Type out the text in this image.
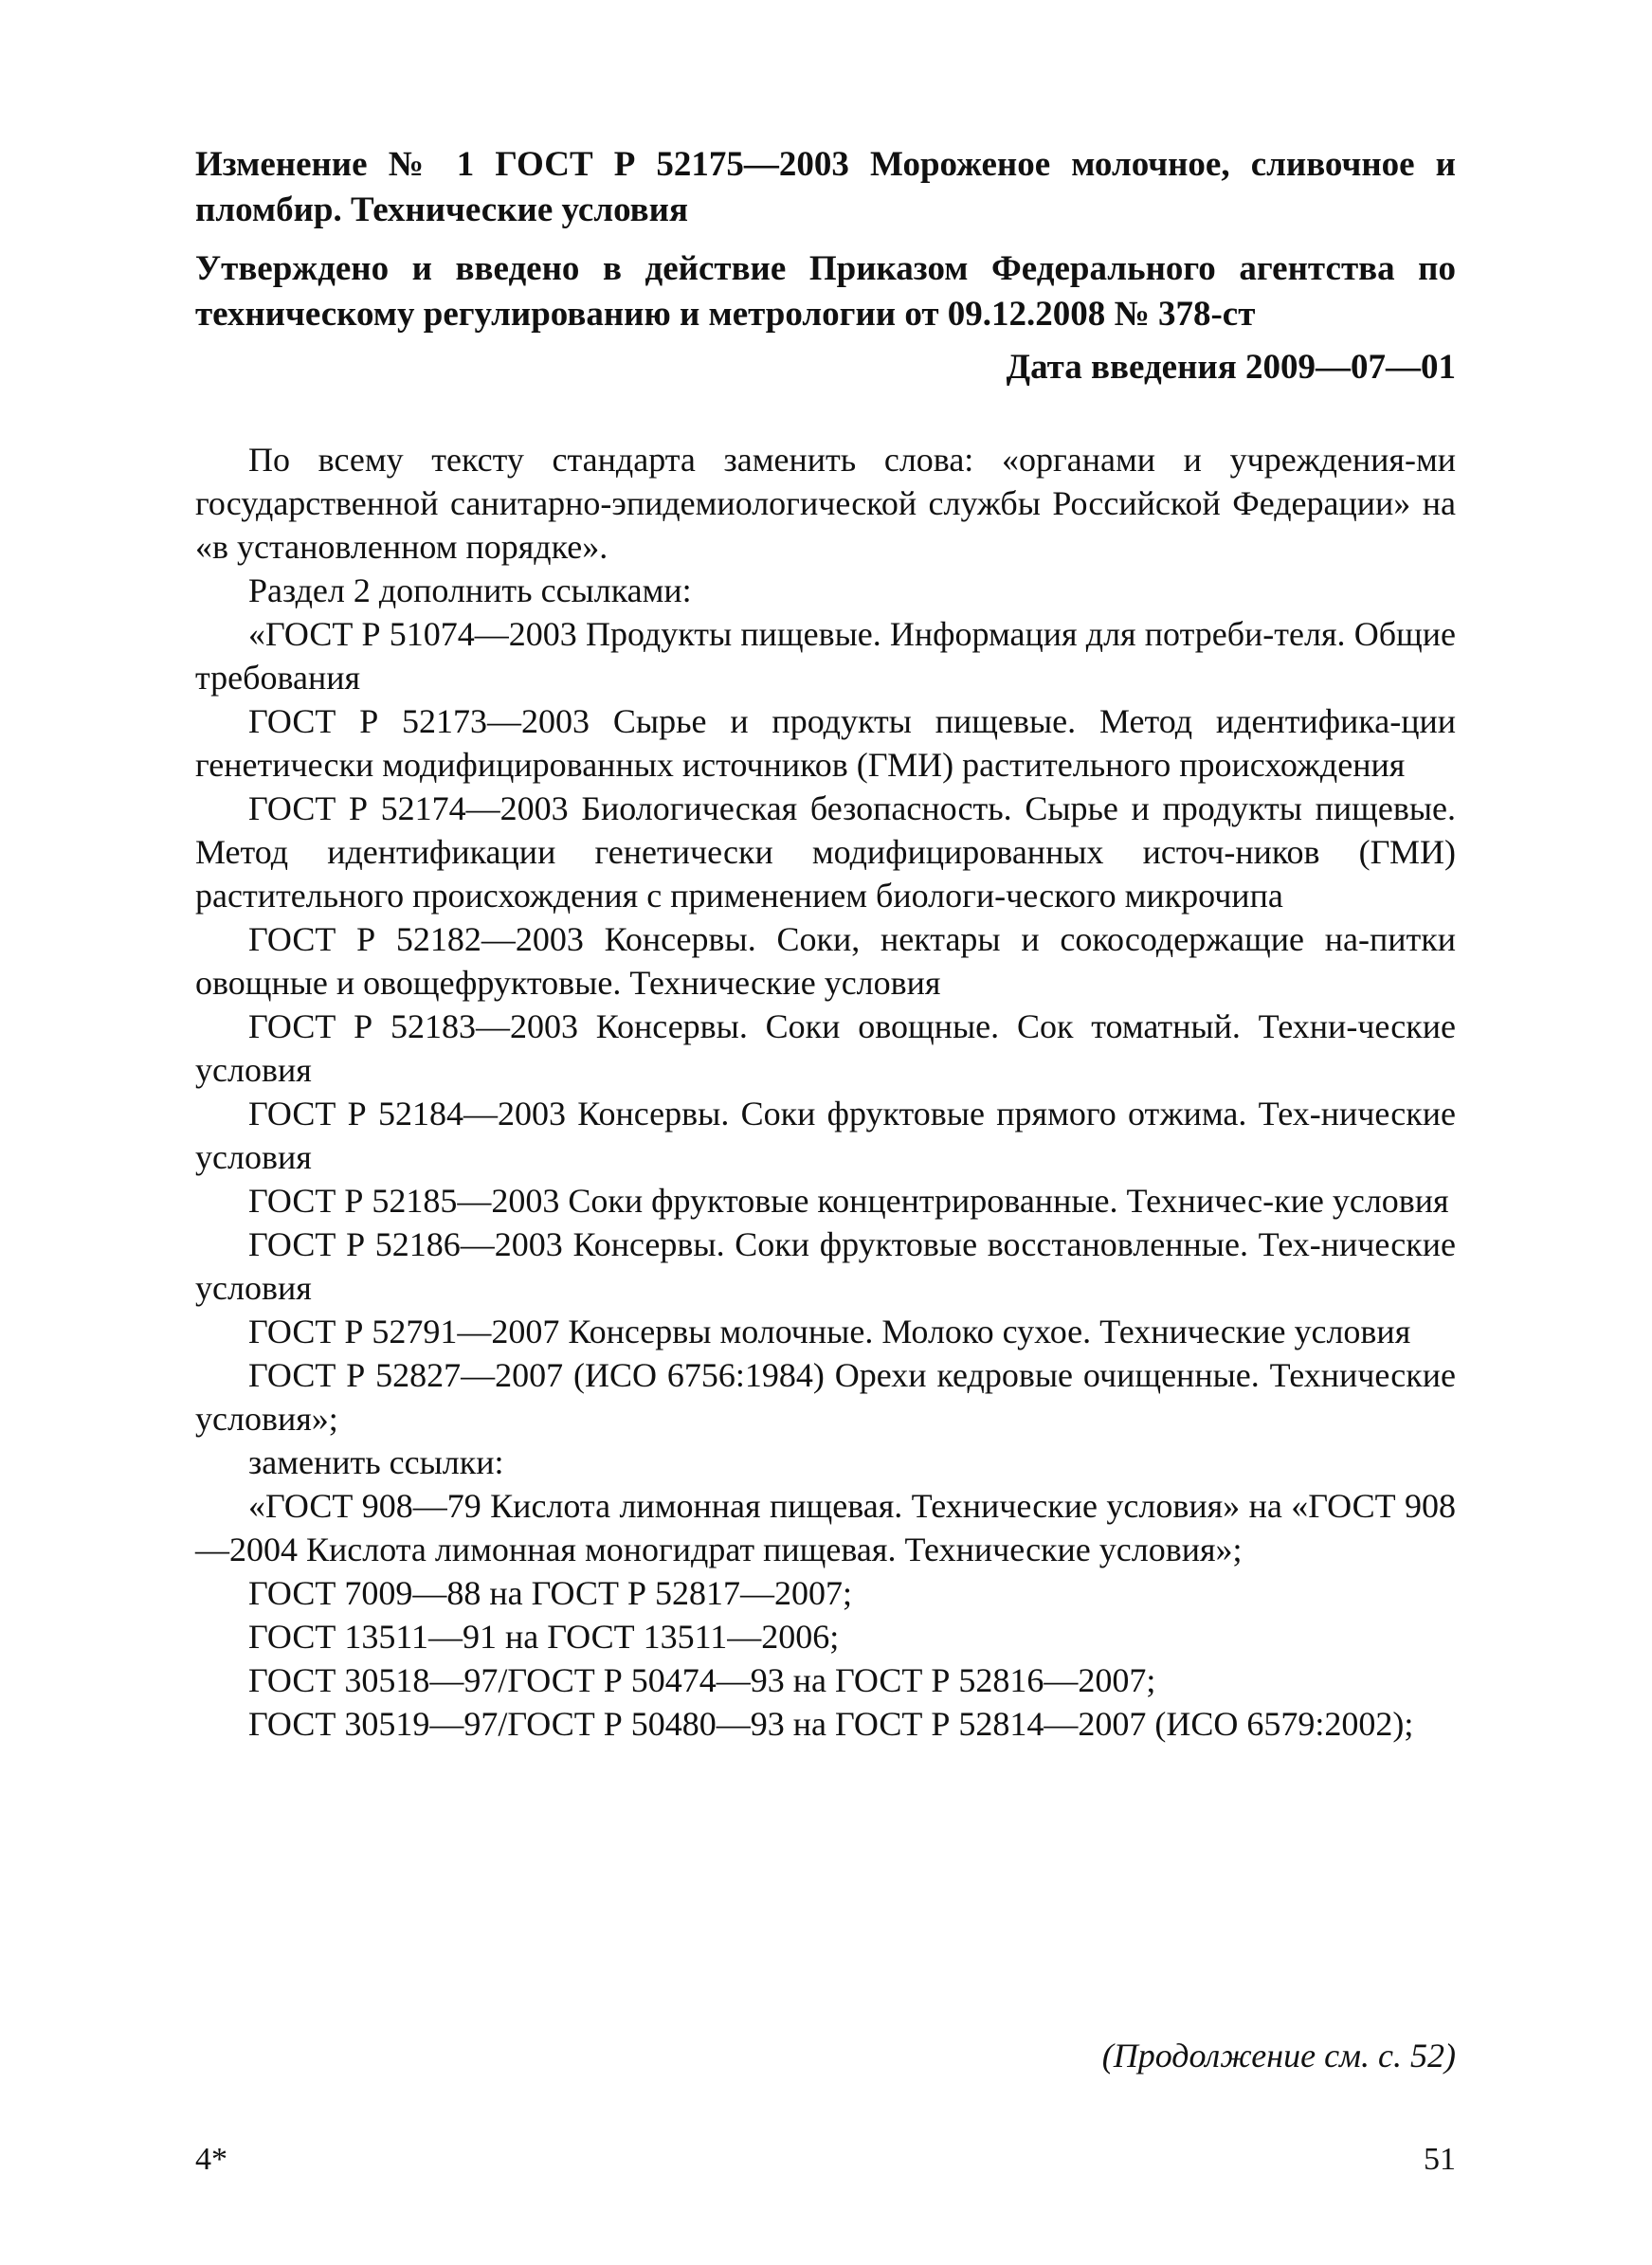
Изменение № 1 ГОСТ Р 52175—2003 Мороженое молочное, сливочное и пломбир. Технические условия

Утверждено и введено в действие Приказом Федерального агентства по техническому регулированию и метрологии от 09.12.2008 № 378-ст

Дата введения 2009—07—01

По всему тексту стандарта заменить слова: «органами и учреждения-ми государственной санитарно-эпидемиологической службы Российской Федерации» на «в установленном порядке».

Раздел 2 дополнить ссылками:

«ГОСТ Р 51074—2003 Продукты пищевые. Информация для потреби-теля. Общие требования

ГОСТ Р 52173—2003 Сырье и продукты пищевые. Метод идентифика-ции генетически модифицированных источников (ГМИ) растительного происхождения

ГОСТ Р 52174—2003 Биологическая безопасность. Сырье и продукты пищевые. Метод идентификации генетически модифицированных источ-ников (ГМИ) растительного происхождения с применением биологи-ческого микрочипа

ГОСТ Р 52182—2003 Консервы. Соки, нектары и сокосодержащие на-питки овощные и овощефруктовые. Технические условия

ГОСТ Р 52183—2003 Консервы. Соки овощные. Сок томатный. Техни-ческие условия

ГОСТ Р 52184—2003 Консервы. Соки фруктовые прямого отжима. Тех-нические условия

ГОСТ Р 52185—2003 Соки фруктовые концентрированные. Техничес-кие условия

ГОСТ Р 52186—2003 Консервы. Соки фруктовые восстановленные. Тех-нические условия

ГОСТ Р 52791—2007 Консервы молочные. Молоко сухое. Технические условия

ГОСТ Р 52827—2007 (ИСО 6756:1984) Орехи кедровые очищенные. Технические условия»;

заменить ссылки:

«ГОСТ 908—79 Кислота лимонная пищевая. Технические условия» на «ГОСТ 908—2004 Кислота лимонная моногидрат пищевая. Технические условия»;

ГОСТ 7009—88 на ГОСТ Р 52817—2007;

ГОСТ 13511—91 на ГОСТ 13511—2006;

ГОСТ 30518—97/ГОСТ Р 50474—93 на ГОСТ Р 52816—2007;

ГОСТ 30519—97/ГОСТ Р 50480—93 на ГОСТ Р 52814—2007 (ИСО 6579:2002);

(Продолжение см. с. 52)
4*	51
